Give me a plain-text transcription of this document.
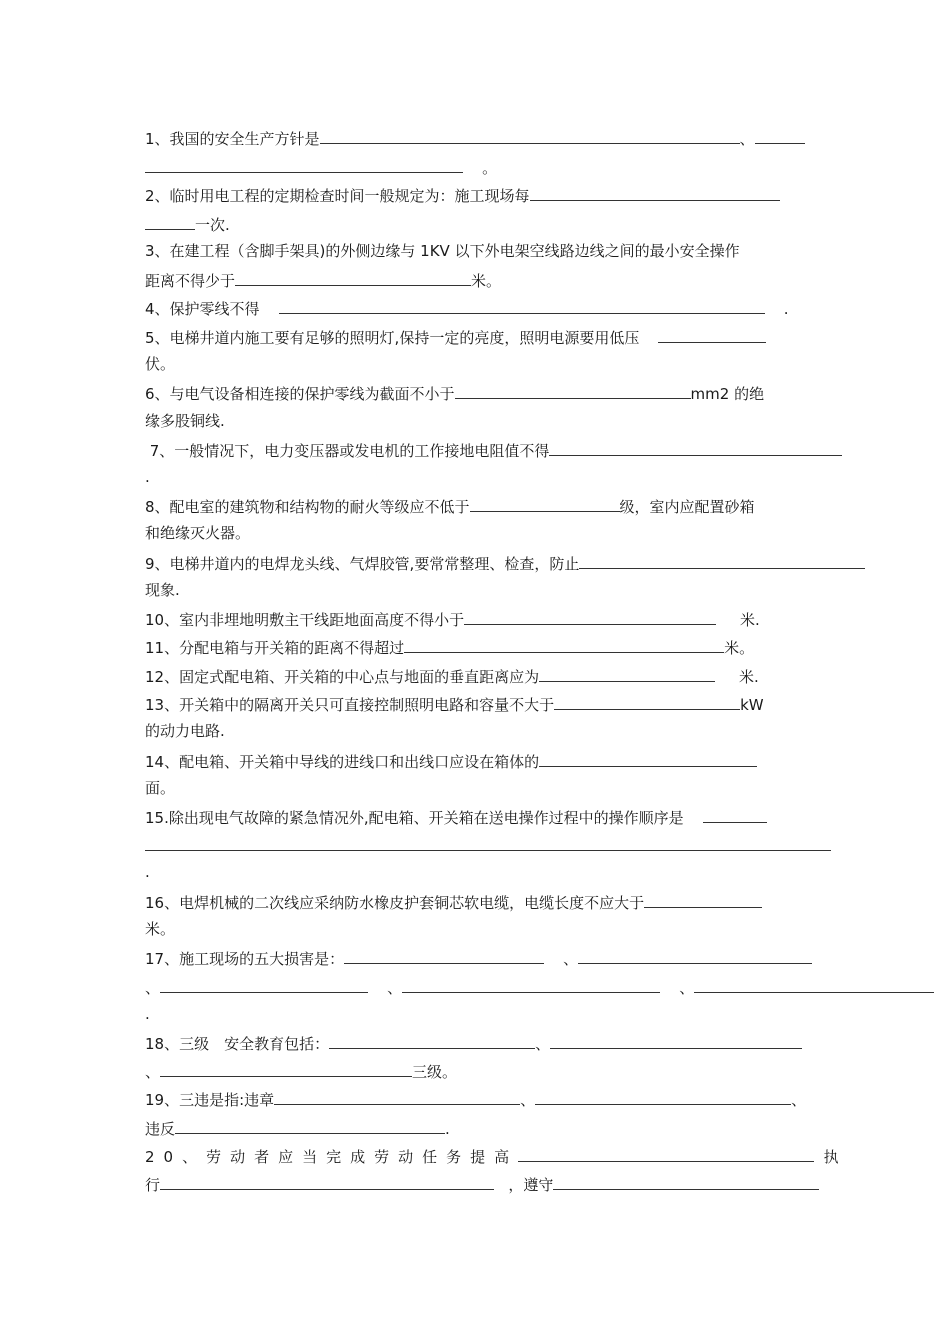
1、我国的安全生产方针是	、
。
2、临时用电工程的定期检查时间一般规定为：施工现场每
一次.
3、在建工程（含脚手架具)的外侧边缘与 1KV 以下外电架空线路边线之间的最小安全操作
距离不得少于	米。
4、保护零线不得	.
5、电梯井道内施工要有足够的照明灯,保持一定的亮度，照明电源要用低压
伏。
6、与电气设备相连接的保护零线为截面不小于	mm2 的绝
缘多股铜线.
7、一般情况下，电力变压器或发电机的工作接地电阻值不得
.
8、配电室的建筑物和结构物的耐火等级应不低于	级，室内应配置砂箱
和绝缘灭火器。
9、电梯井道内的电焊龙头线、气焊胶管,要常常整理、检查，防止
现象.
10、室内非埋地明敷主干线距地面高度不得小于	米.
11、分配电箱与开关箱的距离不得超过	米。
12、固定式配电箱、开关箱的中心点与地面的垂直距离应为	米.
13、开关箱中的隔离开关只可直接控制照明电路和容量不大于	kW
的动力电路.
14、配电箱、开关箱中导线的进线口和出线口应设在箱体的
面。
15.除出现电气故障的紧急情况外,配电箱、开关箱在送电操作过程中的操作顺序是
.
16、电焊机械的二次线应采纳防水橡皮护套铜芯软电缆，电缆长度不应大于
米。
17、施工现场的五大损害是：	、
、	、	、
.
18、三级　安全教育包括：	、
、	三级。
19、三违是指:违章	、	、
违反	.
20、劳动者应当完成劳动任务提高	执
行	，遵守
